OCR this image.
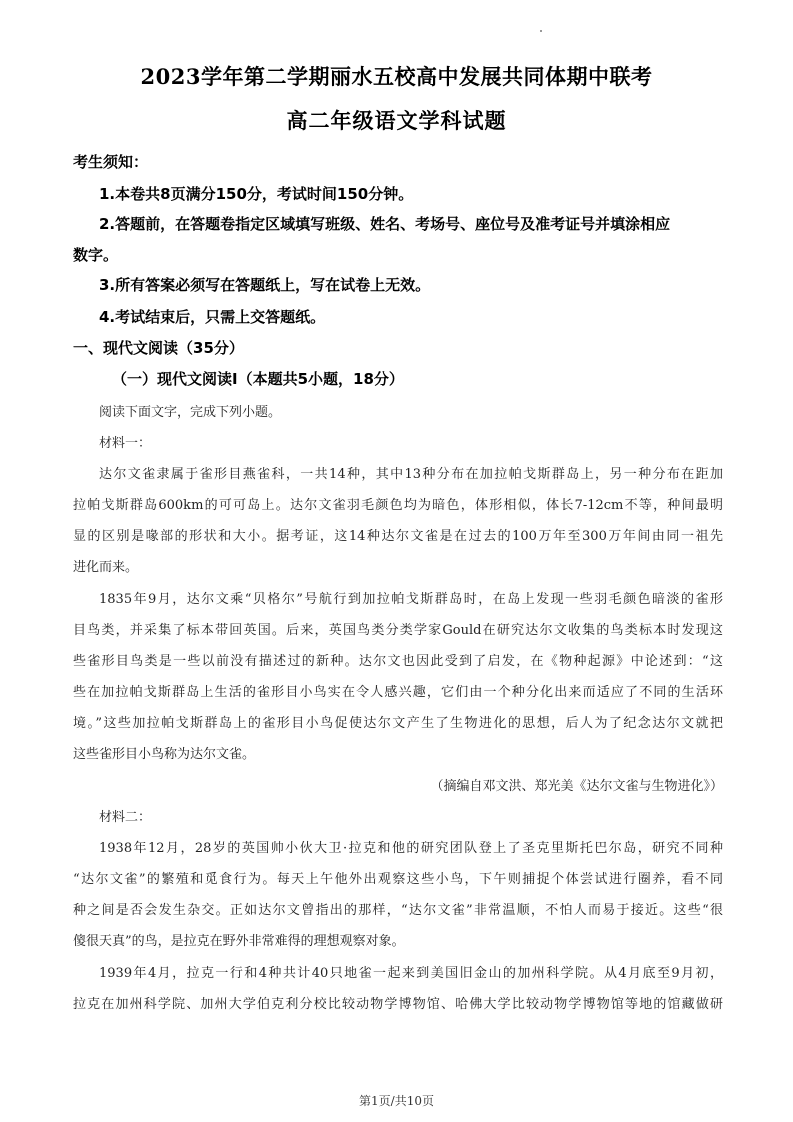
2023学年第二学期丽水五校高中发展共同体期中联考
高二年级语文学科试题
考生须知：
1.本卷共8页满分150分，考试时间150分钟。
2.答题前，在答题卷指定区域填写班级、姓名、考场号、座位号及准考证号并填涂相应
数字。
3.所有答案必须写在答题纸上，写在试卷上无效。
4.考试结束后，只需上交答题纸。
一、现代文阅读（35分）
（一）现代文阅读Ⅰ（本题共5小题，18分）
阅读下面文字，完成下列小题。
材料一：
达尔文雀隶属于雀形目燕雀科，一共14种，其中13种分布在加拉帕戈斯群岛上，另一种分布在距加
拉帕戈斯群岛600km的可可岛上。达尔文雀羽毛颜色均为暗色，体形相似，体长7-12cm不等，种间最明
显的区别是喙部的形状和大小。据考证，这14种达尔文雀是在过去的100万年至300万年间由同一祖先
进化而来。
1835年9月，达尔文乘“贝格尔”号航行到加拉帕戈斯群岛时，在岛上发现一些羽毛颜色暗淡的雀形
目鸟类，并采集了标本带回英国。后来，英国鸟类分类学家Gould在研究达尔文收集的鸟类标本时发现这
些雀形目鸟类是一些以前没有描述过的新种。达尔文也因此受到了启发，在《物种起源》中论述到：“这
些在加拉帕戈斯群岛上生活的雀形目小鸟实在令人感兴趣，它们由一个种分化出来而适应了不同的生活环
境。”这些加拉帕戈斯群岛上的雀形目小鸟促使达尔文产生了生物进化的思想，后人为了纪念达尔文就把
这些雀形目小鸟称为达尔文雀。
（摘编自邓文洪、郑光美《达尔文雀与生物进化》）
材料二：
1938年12月，28岁的英国帅小伙大卫·拉克和他的研究团队登上了圣克里斯托巴尔岛，研究不同种
“达尔文雀”的繁殖和觅食行为。每天上午他外出观察这些小鸟，下午则捕捉个体尝试进行圈养，看不同
种之间是否会发生杂交。正如达尔文曾指出的那样，“达尔文雀”非常温顺，不怕人而易于接近。这些“很
傻很天真”的鸟，是拉克在野外非常难得的理想观察对象。
1939年4月，拉克一行和4种共计40只地雀一起来到美国旧金山的加州科学院。从4月底至9月初，
拉克在加州科学院、加州大学伯克利分校比较动物学博物馆、哈佛大学比较动物学博物馆等地的馆藏做研
第1页/共10页
